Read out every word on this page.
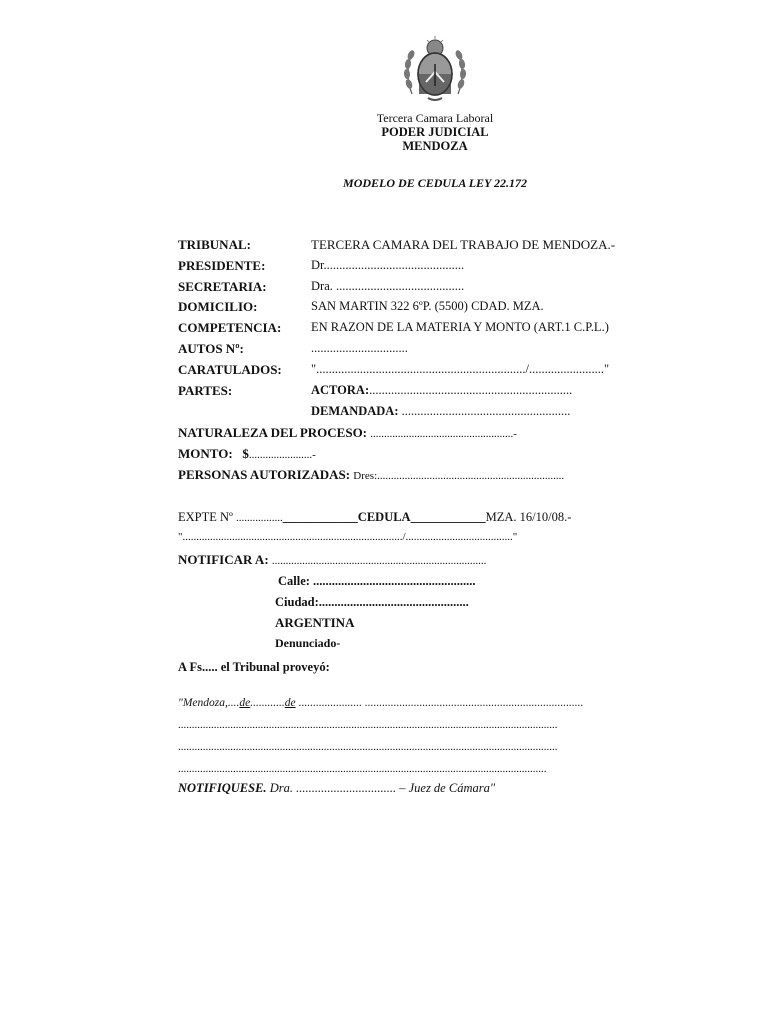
Tercera Camara Laboral
PODER JUDICIAL
MENDOZA
MODELO DE CEDULA LEY 22.172
TRIBUNAL:	TERCERA CAMARA DEL TRABAJO DE MENDOZA.-
PRESIDENTE:	Dr.............................................
SECRETARIA:	Dra. .........................................
DOMICILIO:	SAN MARTIN 322 6ºP. (5500) CDAD. MZA.
COMPETENCIA: EN RAZON DE LA MATERIA Y MONTO (ART.1 C.P.L.)
AUTOS Nº:	...............................
CARATULADOS: ".................................................................../........................"
PARTES:	ACTORA:.................................................................
DEMANDADA: ......................................................
NATURALEZA DEL PROCESO: ....................................................-
MONTO: $.......................-
PERSONAS AUTORIZADAS: Dres:....................................................................
EXPTE Nº .................____________CEDULA____________MZA. 16/10/08.-
"................................................................................/......................................."
NOTIFICAR A: ..............................................................................
Calle: ....................................................
Ciudad:................................................
ARGENTINA
Denunciado-
A Fs..... el Tribunal proveyó:
"Mendoza,....de............de ...................... ............................................................................
..........................................................................................................................................
..........................................................................................................................................
......................................................................................................................................
NOTIFIQUESE. Dra. ................................ – Juez de Cámara"
